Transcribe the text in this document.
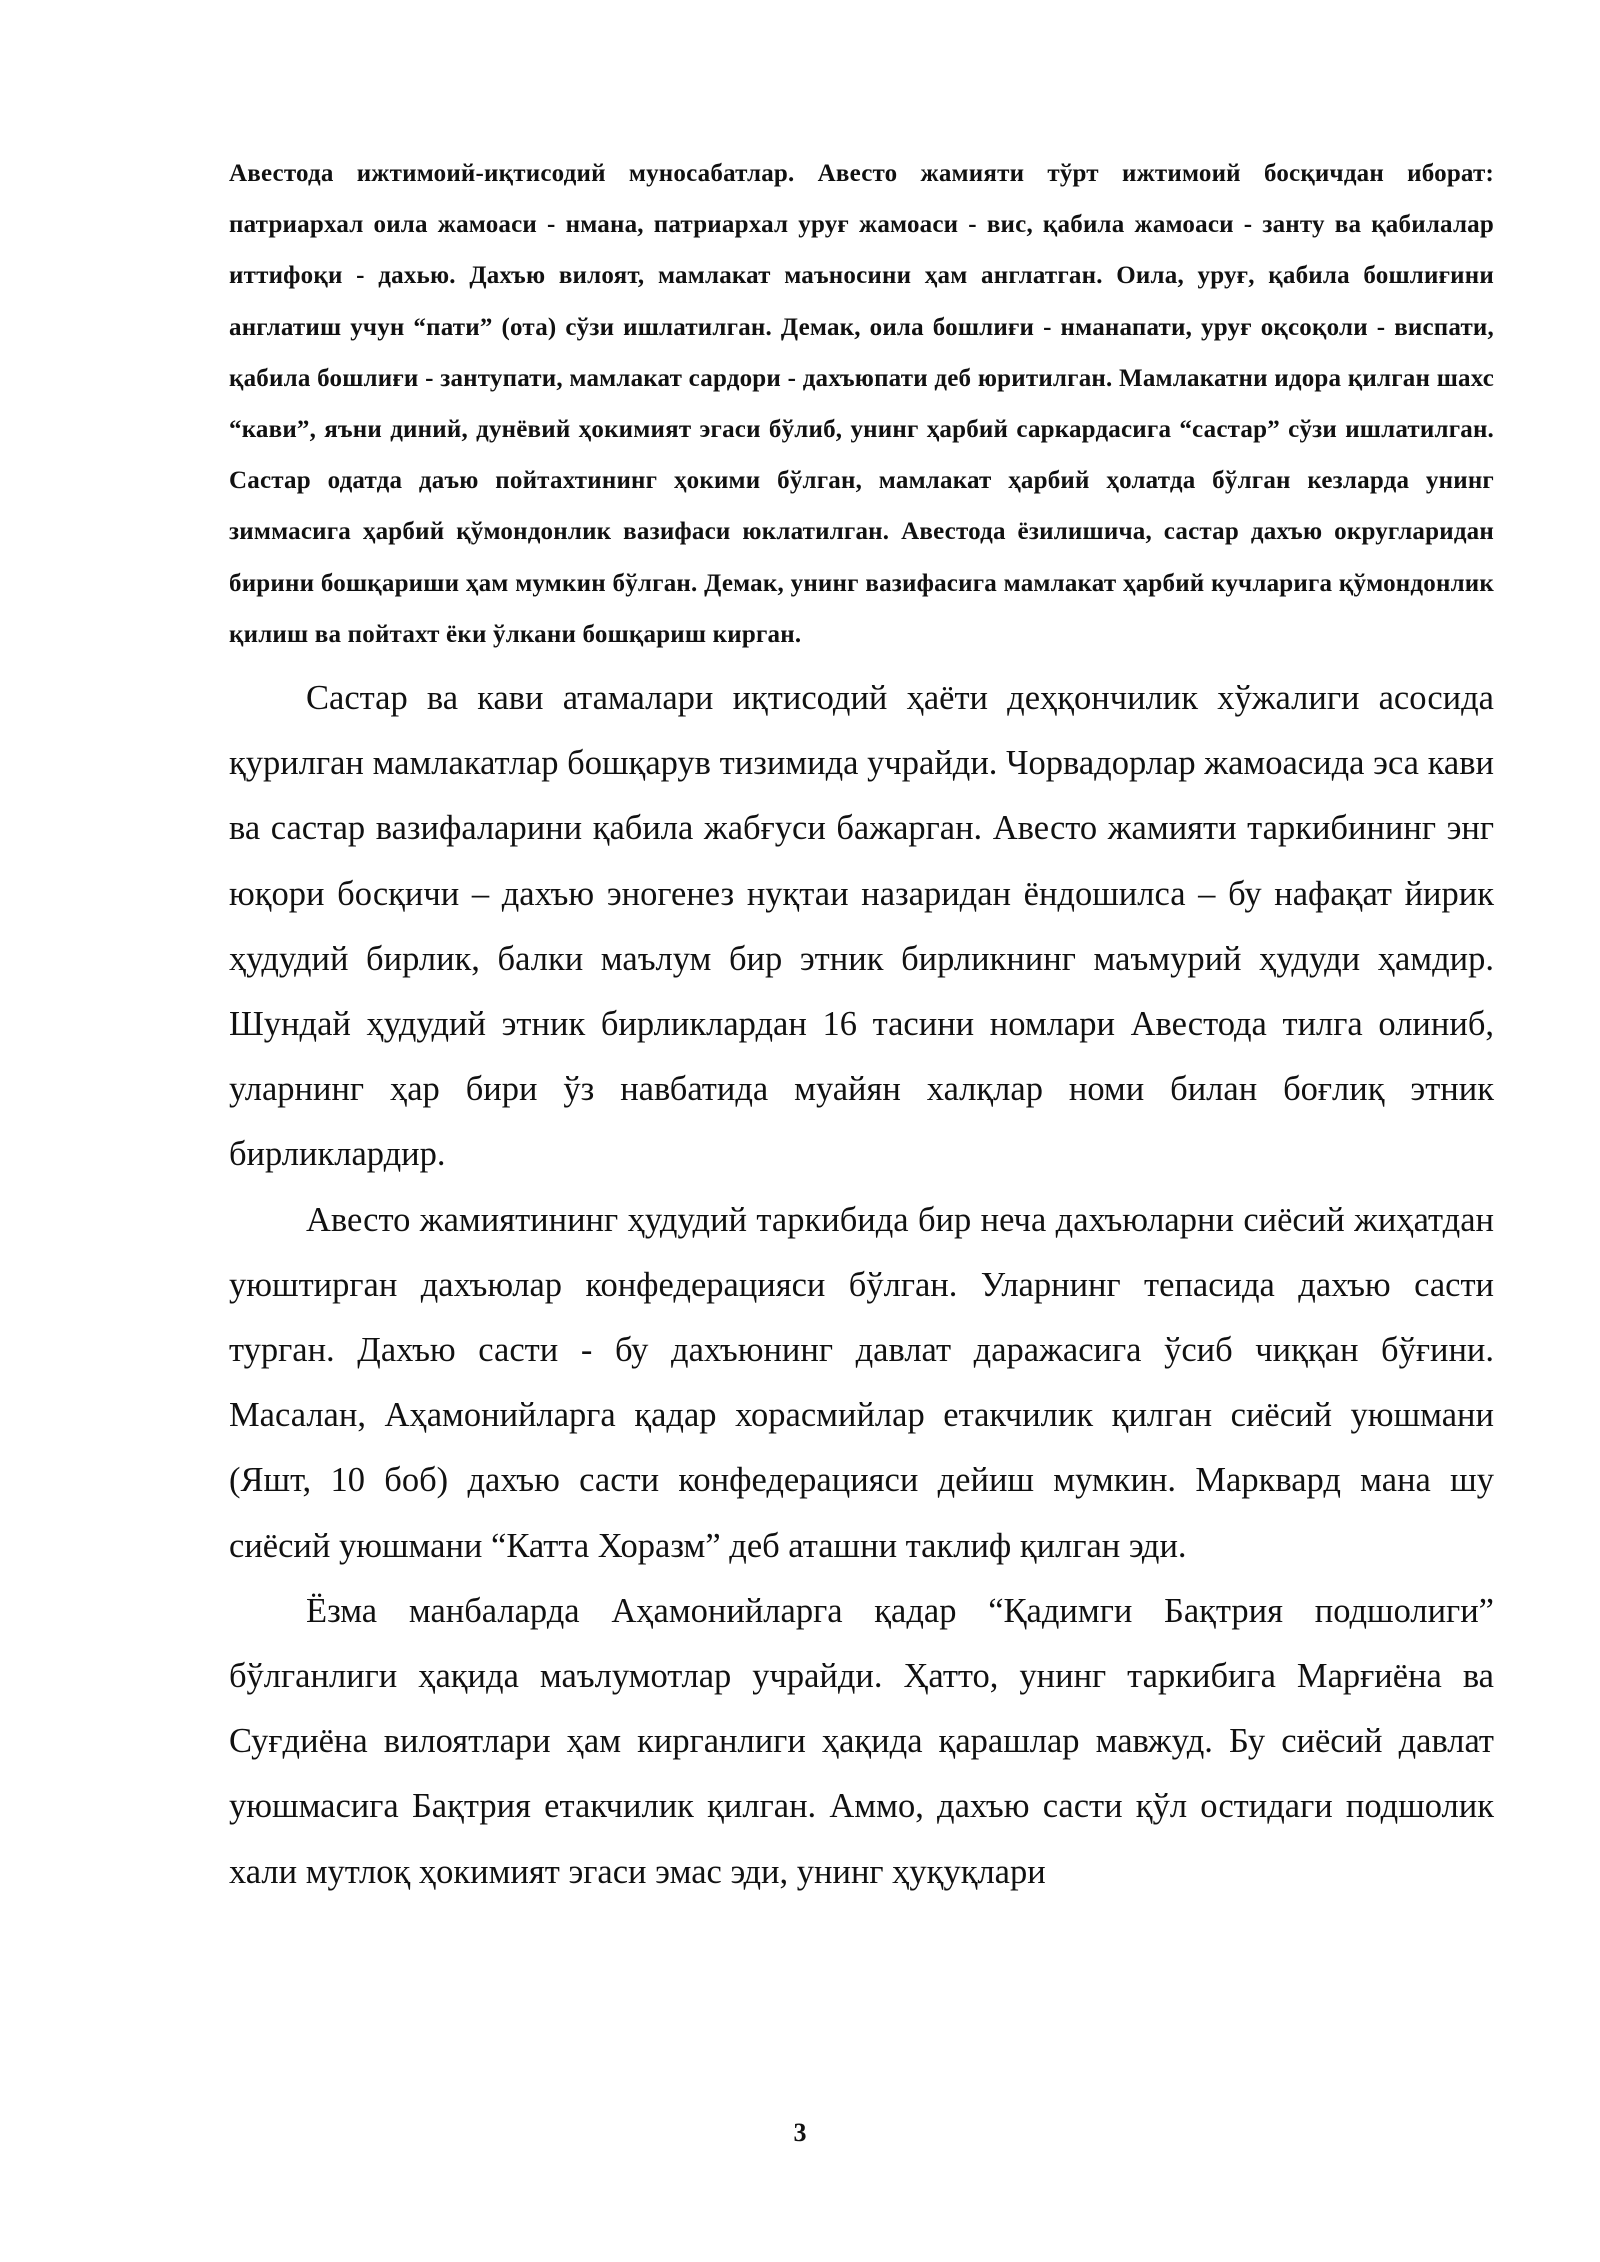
Авестода ижтимоий-иқтисодий муносабатлар. Авесто жамияти тўрт ижтимоий босқичдан иборат: патриархал оила жамоаси - нмана, патриархал уруғ жамоаси - вис, қабила жамоаси - занту ва қабилалар иттифоқи - дахью. Дахъю вилоят, мамлакат маъносини ҳам англатган. Оила, уруғ, қабила бошлиғини англатиш учун “пати” (ота) сўзи ишлатилган. Демак, оила бошлиғи - нманапати, уруғ оқсоқоли - виспати, қабила бошлиғи - зантупати, мамлакат сардори - дахъюпати деб юритилган. Мамлакатни идора қилган шахс “кави”, яъни диний, дунёвий ҳокимият эгаси бўлиб, унинг ҳарбий саркардасига “састар” сўзи ишлатилган. Састар одатда даъю пойтахтининг ҳокими бўлган, мамлакат ҳарбий ҳолатда бўлган кезларда унинг зиммасига ҳарбий қўмондонлик вазифаси юклатилган. Авестода ёзилишича, састар дахъю округларидан бирини бошқариши ҳам мумкин бўлган. Демак, унинг вазифасига мамлакат ҳарбий кучларига қўмондонлик қилиш ва пойтахт ёки ўлкани бошқариш кирган.

Састар ва кави атамалари иқтисодий ҳаёти деҳқончилик хўжалиги асосида қурилган мамлакатлар бошқарув тизимида учрайди. Чорвадорлар жамоасида эса кави ва састар вазифаларини қабила жабғуси бажарган. Авесто жамияти таркибининг энг юқори босқичи – дахъю эногенез нуқтаи назаридан ёндошилса – бу нафақат йирик ҳудудий бирлик, балки маълум бир этник бирликнинг маъмурий ҳудуди ҳамдир. Шундай ҳудудий этник бирликлардан 16 тасини номлари Авестода тилга олиниб, уларнинг ҳар бири ўз навбатида муайян халқлар номи билан боғлиқ этник бирликлардир.

Авесто жамиятининг ҳудудий таркибида бир неча дахъюларни сиёсий жиҳатдан уюштирган дахъюлар конфедерацияси бўлган. Уларнинг тепасида дахъю састи турган. Дахъю састи - бу дахъюнинг давлат даражасига ўсиб чиққан бўғини. Масалан, Аҳамонийларга қадар хорасмийлар етакчилик қилган сиёсий уюшмани (Яшт, 10 боб) дахъю састи конфедерацияси дейиш мумкин. Марквард мана шу сиёсий уюшмани “Катта Хоразм” деб аташни таклиф қилган эди.

Ёзма манбаларда Аҳамонийларга қадар “Қадимги Бақтрия подшолиги” бўлганлиги ҳақида маълумотлар учрайди. Ҳатто, унинг таркибига Марғиёна ва Суғдиёна вилоятлари ҳам кирганлиги ҳақида қарашлар мавжуд. Бу сиёсий давлат уюшмасига Бақтрия етакчилик қилган. Аммо, дахъю састи қўл остидаги подшолик хали мутлоқ ҳокимият эгаси эмас эди, унинг ҳуқуқлари

3
